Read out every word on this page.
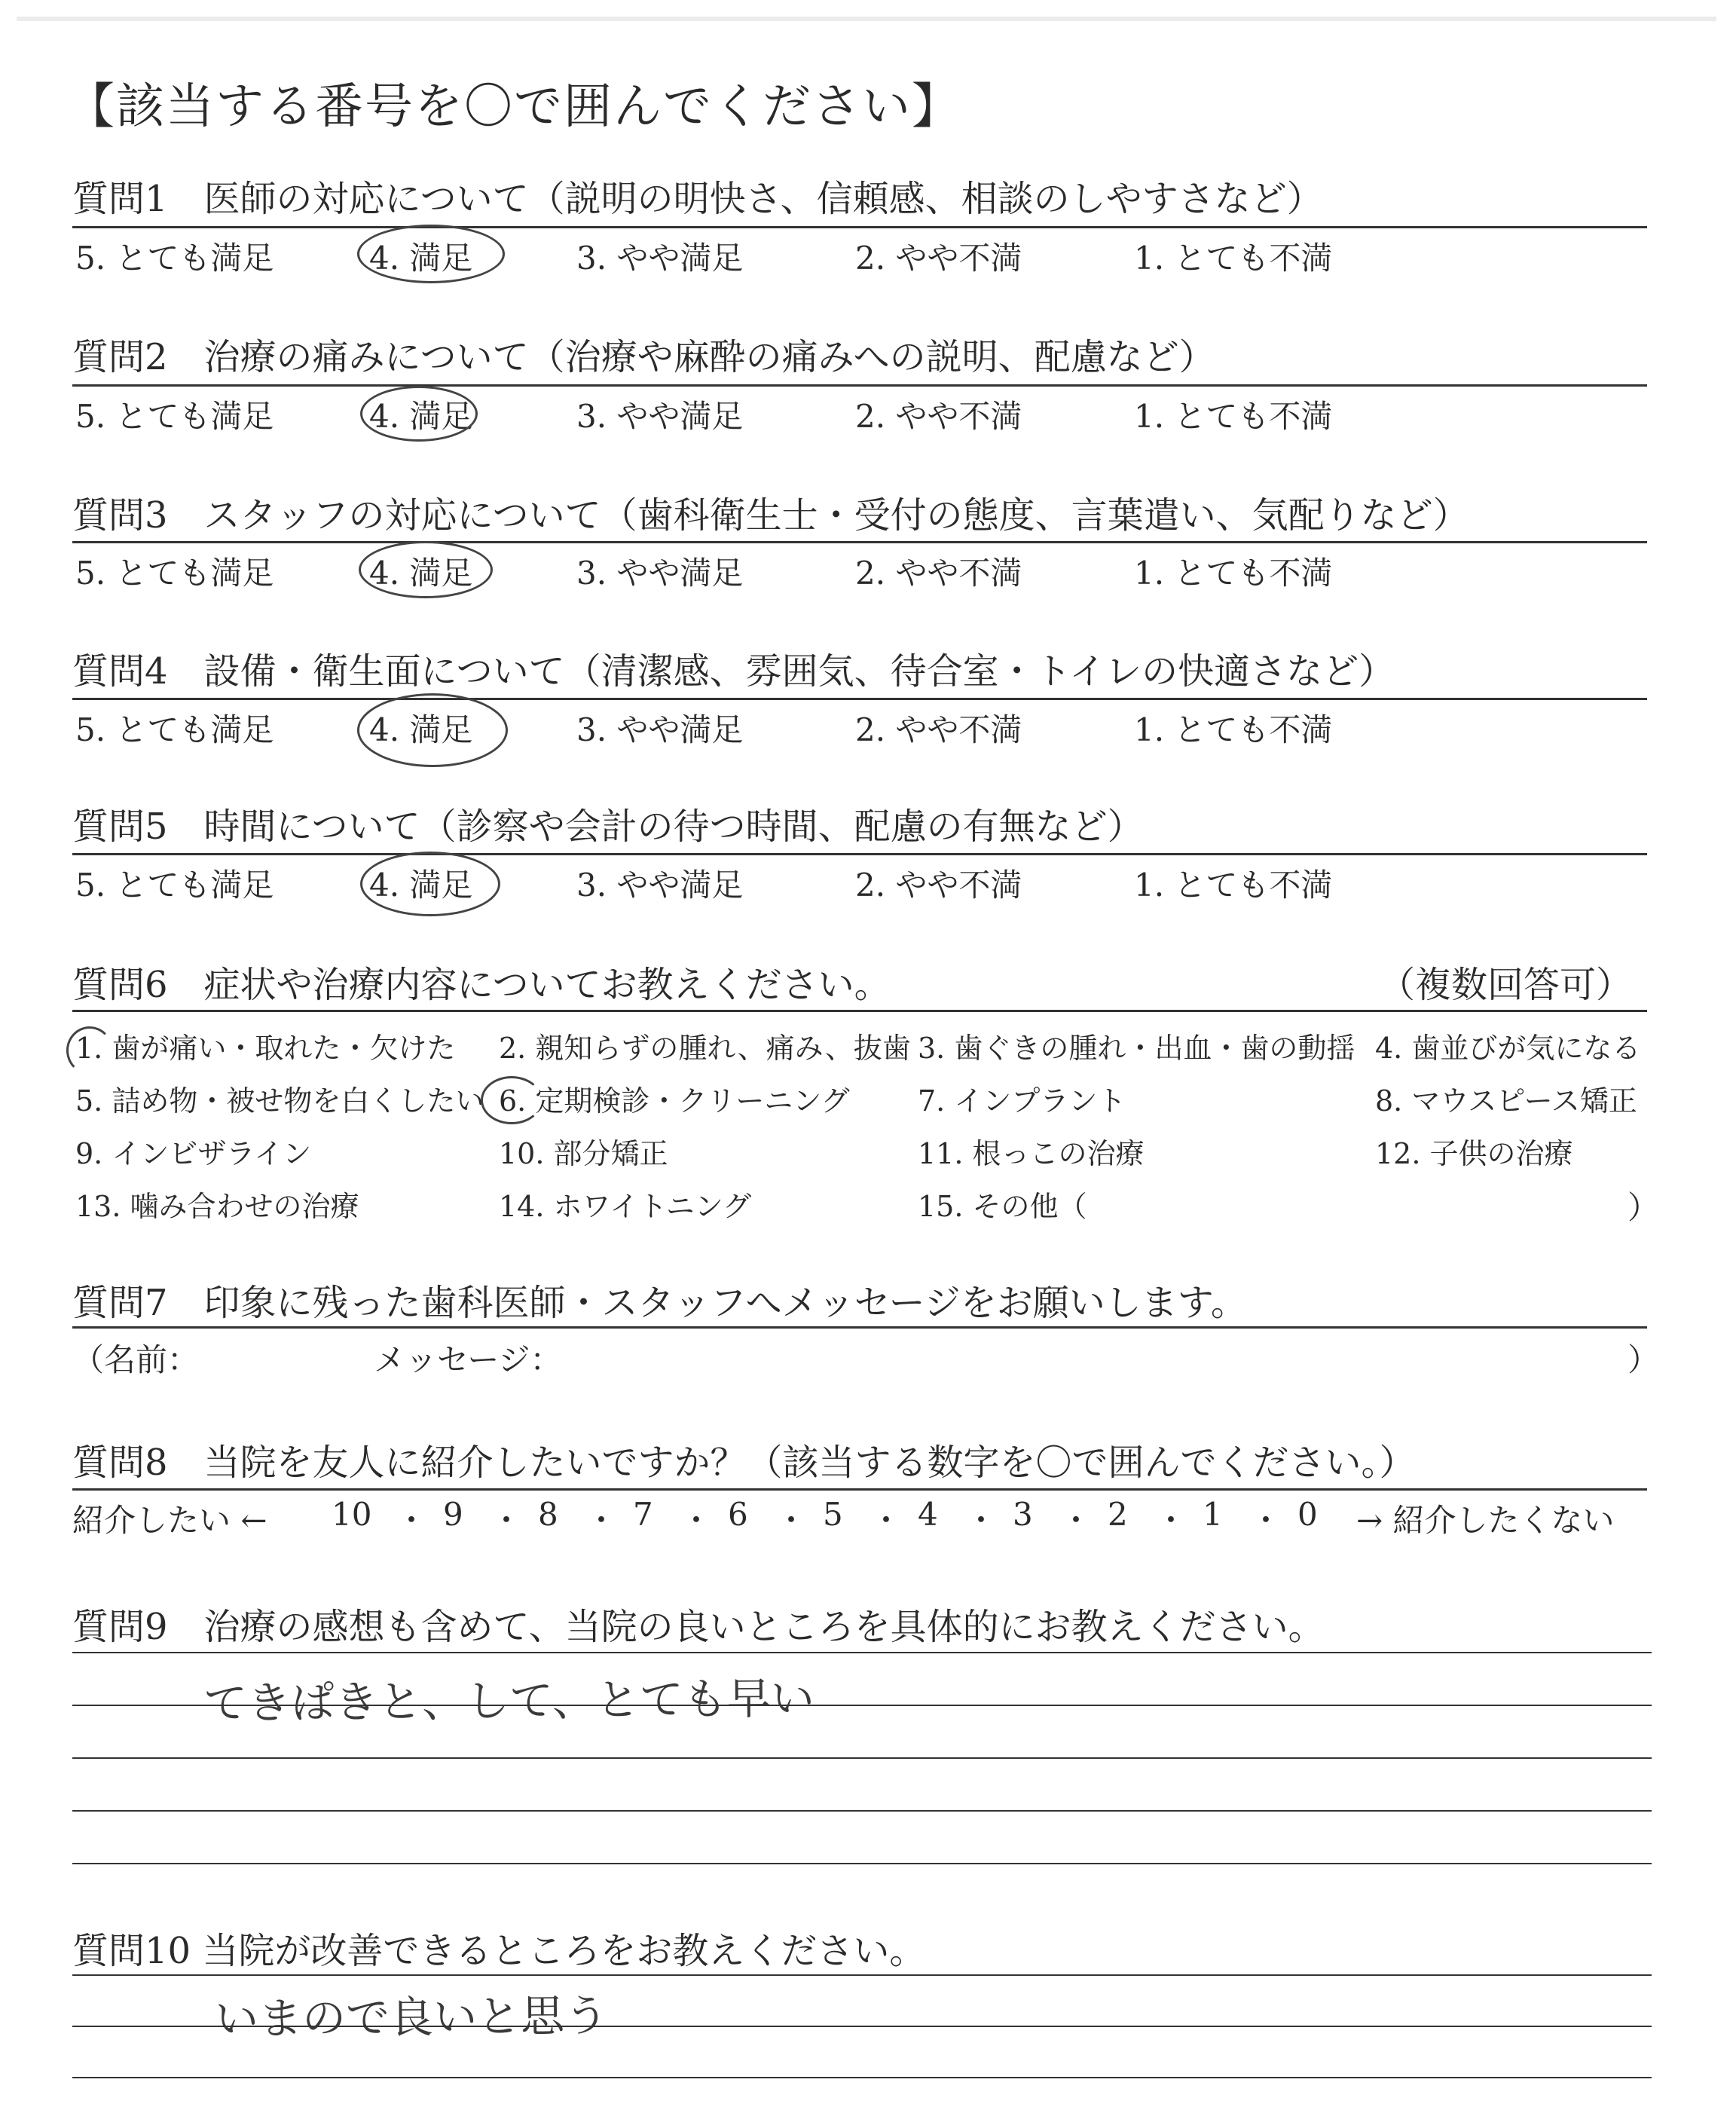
【該当する番号を〇で囲んでください】
質問1　医師の対応について（説明の明快さ、信頼感、相談のしやすさなど）
5. とても満足	4. 満足	3. やや満足	2. やや不満	1. とても不満
質問2　治療の痛みについて（治療や麻酔の痛みへの説明、配慮など）
5. とても満足	4. 満足	3. やや満足	2. やや不満	1. とても不満
質問3　スタッフの対応について（歯科衛生士・受付の態度、言葉遣い、気配りなど）
5. とても満足	4. 満足	3. やや満足	2. やや不満	1. とても不満
質問4　設備・衛生面について（清潔感、雰囲気、待合室・トイレの快適さなど）
5. とても満足	4. 満足	3. やや満足	2. やや不満	1. とても不満
質問5　時間について（診察や会計の待つ時間、配慮の有無など）
5. とても満足	4. 満足	3. やや満足	2. やや不満	1. とても不満
質問6　症状や治療内容についてお教えください。	（複数回答可）
1. 歯が痛い・取れた・欠けた 2. 親知らずの腫れ、痛み、抜歯 3. 歯ぐきの腫れ・出血・歯の動揺 4. 歯並びが気になる
5. 詰め物・被せ物を白くしたい 6. 定期検診・クリーニング 7. インプラント	8. マウスピース矯正
9. インビザライン	10. 部分矯正	11. 根っこの治療	12. 子供の治療
13. 噛み合わせの治療	14. ホワイトニング	15. その他（	）
質問7　印象に残った歯科医師・スタッフへメッセージをお願いします。
（名前：	メッセージ：	）
質問8　当院を友人に紹介したいですか？（該当する数字を〇で囲んでください。）
紹介したい ← 10 ・ 9 ・ 8 ・ 7 ・ 6 ・ 5 ・ 4 ・ 3 ・ 2 ・ 1 ・ 0 → 紹介したくない
質問9　治療の感想も含めて、当院の良いところを具体的にお教えください。
てきぱきと、して、とても早い
質問10 当院が改善できるところをお教えください。
いまので良いと思う
